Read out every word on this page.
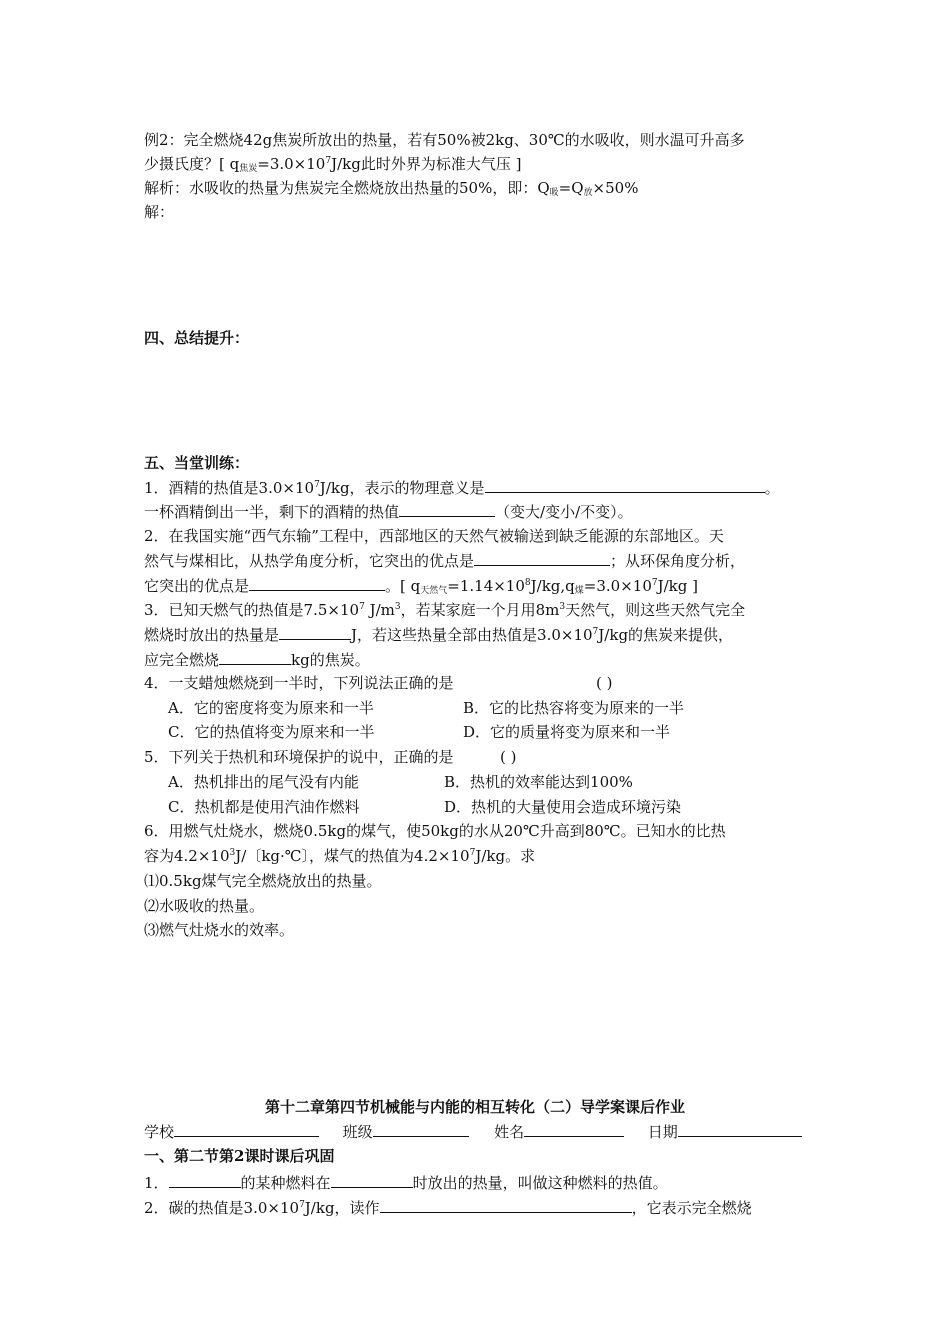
例2：完全燃烧42g焦炭所放出的热量，若有50%被2kg、30℃的水吸收，则水温可升高多
少摄氏度？[ $q_{焦炭}=3.0\times 10^7J/kg$此时外界为标准大气压 ]
解析：水吸收的热量为焦炭完全燃烧放出热量的50%，即：$Q_吸=Q_放\times 50\%$
解：
四、总结提升：
五、当堂训练：
1．酒精的热值是$3.0\times 10^7J/kg$，表示的物理意义是	。
一杯酒精倒出一半，剩下的酒精的热值	（变大/变小/不变）。
2．在我国实施“西气东输”工程中，西部地区的天然气被输送到缺乏能源的东部地区。天
然气与煤相比，从热学角度分析，它突出的优点是	；从环保角度分析，
它突出的优点是	。[ $q_{天然气}=1.14\times 10^8J/kg,q_煤=3.0\times 10^7J/kg$ ]
3．已知天燃气的热值是$7.5\times 10^7$ $J/m^3$，若某家庭一个月用$8m^3$天然气，则这些天然气完全
燃烧时放出的热量是	J，若这些热量全部由热值是$3.0\times 10^7J/kg$的焦炭来提供，
应完全燃烧	kg的焦炭。
4．一支蜡烛燃烧到一半时，下列说法正确的是	( )
A．它的密度将变为原来和一半	B．它的比热容将变为原来的一半
C．它的热值将变为原来和一半	D．它的质量将变为原来和一半
5．下列关于热机和环境保护的说中，正确的是	( )
A．热机排出的尾气没有内能	B．热机的效率能达到100%
C．热机都是使用汽油作燃料	D．热机的大量使用会造成环境污染
6．用燃气灶烧水，燃烧0.5kg的煤气，使50kg的水从20℃升高到80℃。已知水的比热
容为$4.2\times 10^3J/$〔kg·℃〕，煤气的热值为$4.2\times 10^7J/kg$。求
⑴0.5kg煤气完全燃烧放出的热量。
⑵水吸收的热量。
⑶燃气灶烧水的效率。
第十二章第四节机械能与内能的相互转化（二）导学案课后作业
学校	班级	姓名	日期
一、第二节第2课时课后巩固
1．	的某种燃料在	时放出的热量，叫做这种燃料的热值。
2．碳的热值是$3.0\times 10^7J/kg$，读作	，它表示完全燃烧
